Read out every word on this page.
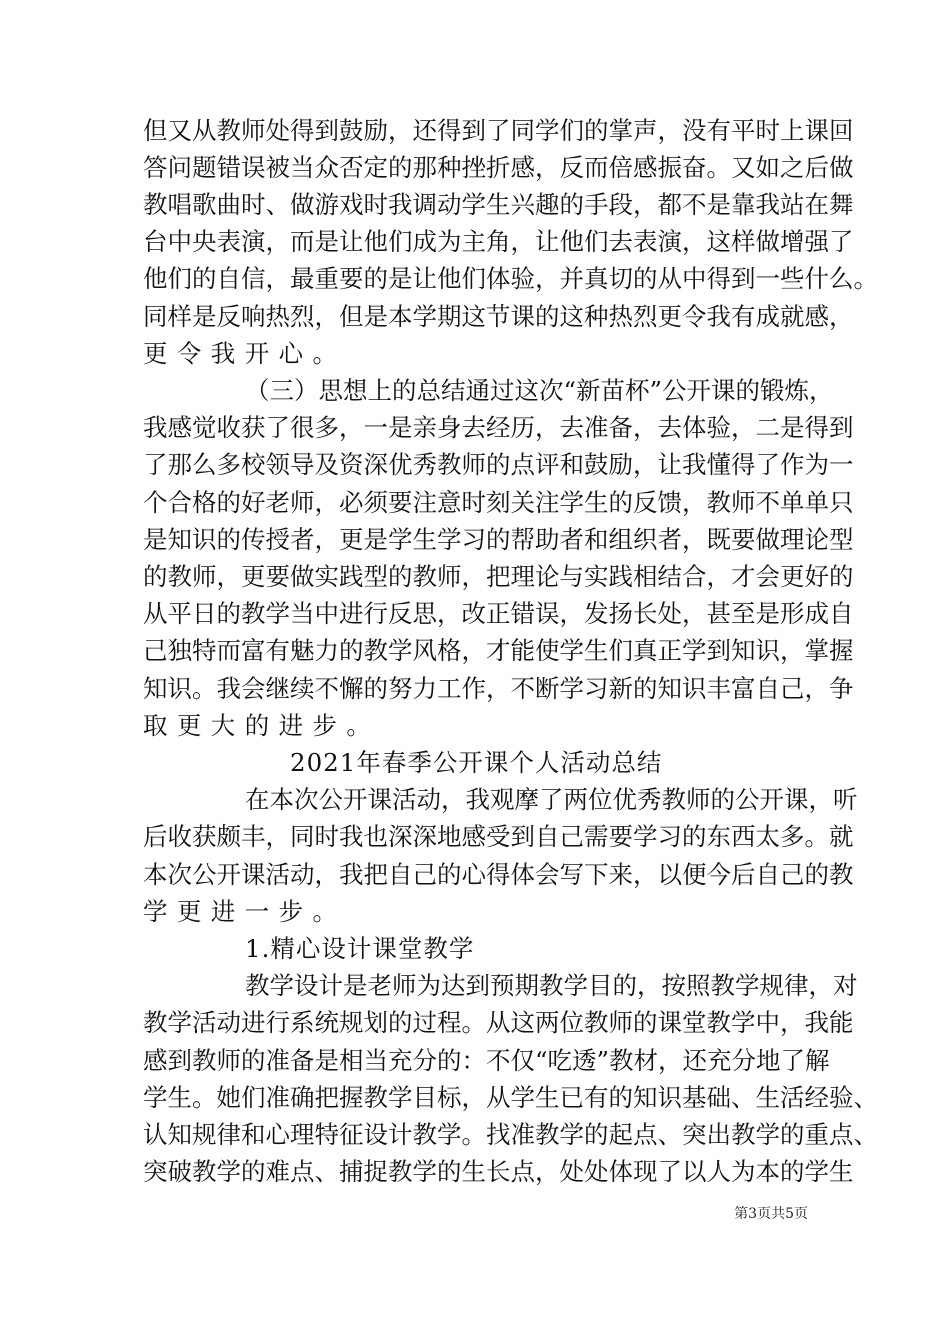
但又从教师处得到鼓励，还得到了同学们的掌声，没有平时上课回
答问题错误被当众否定的那种挫折感，反而倍感振奋。又如之后做
教唱歌曲时、做游戏时我调动学生兴趣的手段，都不是靠我站在舞
台中央表演，而是让他们成为主角，让他们去表演，这样做增强了
他们的自信，最重要的是让他们体验，并真切的从中得到一些什么。
同样是反响热烈，但是本学期这节课的这种热烈更令我有成就感，
更令我开心。
（三）思想上的总结通过这次“新苗杯”公开课的锻炼，
我感觉收获了很多，一是亲身去经历，去准备，去体验，二是得到
了那么多校领导及资深优秀教师的点评和鼓励，让我懂得了作为一
个合格的好老师，必须要注意时刻关注学生的反馈，教师不单单只
是知识的传授者，更是学生学习的帮助者和组织者，既要做理论型
的教师，更要做实践型的教师，把理论与实践相结合，才会更好的
从平日的教学当中进行反思，改正错误，发扬长处，甚至是形成自
己独特而富有魅力的教学风格，才能使学生们真正学到知识，掌握
知识。我会继续不懈的努力工作，不断学习新的知识丰富自己，争
取更大的进步。
2021年春季公开课个人活动总结
在本次公开课活动，我观摩了两位优秀教师的公开课，听
后收获颇丰，同时我也深深地感受到自己需要学习的东西太多。就
本次公开课活动，我把自己的心得体会写下来，以便今后自己的教
学更进一步。
1.精心设计课堂教学
教学设计是老师为达到预期教学目的，按照教学规律，对
教学活动进行系统规划的过程。从这两位教师的课堂教学中，我能
感到教师的准备是相当充分的：不仅“吃透”教材，还充分地了解
学生。她们准确把握教学目标，从学生已有的知识基础、生活经验、
认知规律和心理特征设计教学。找准教学的起点、突出教学的重点、
突破教学的难点、捕捉教学的生长点，处处体现了以人为本的学生
第3页共5页
